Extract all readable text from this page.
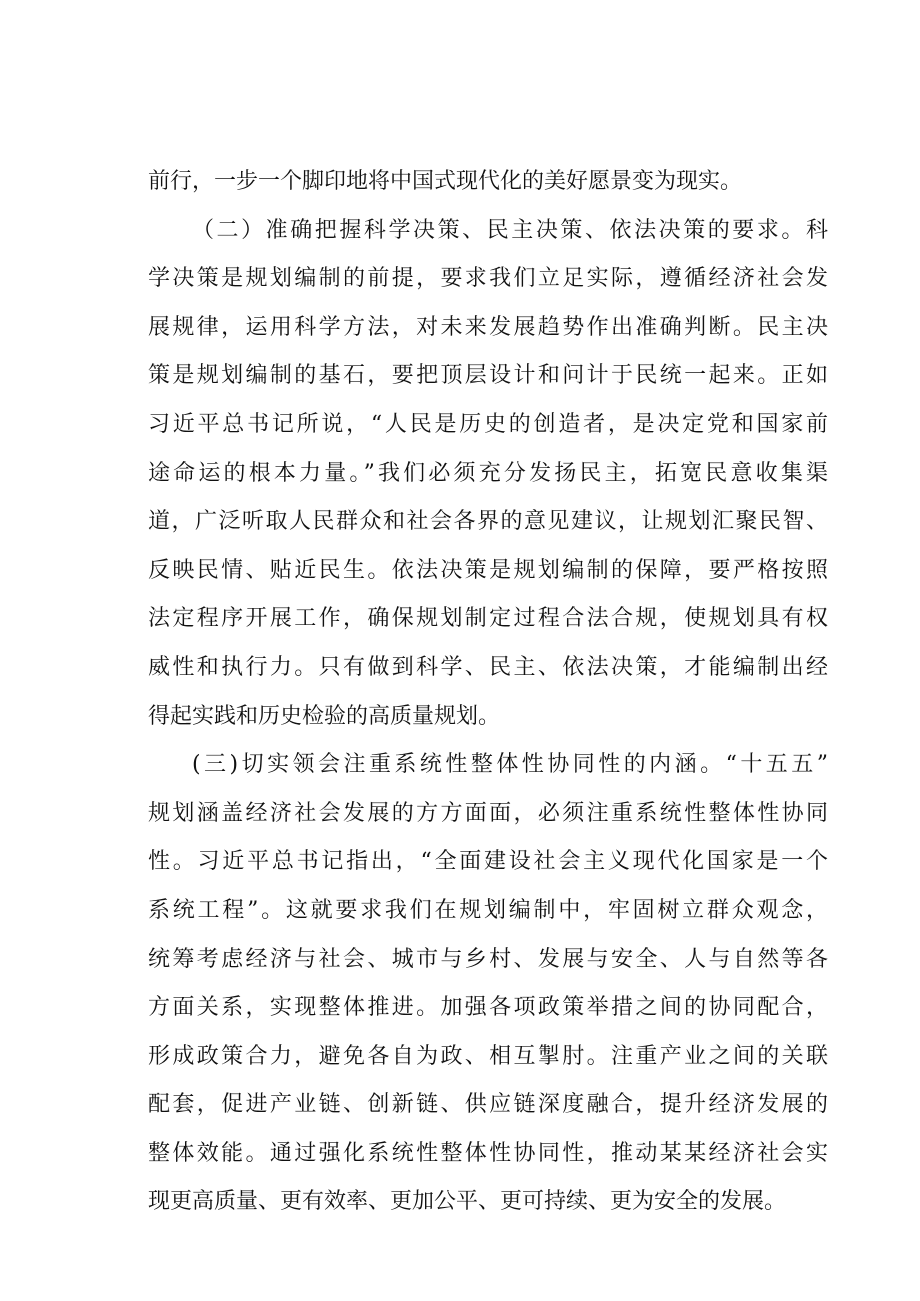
前行，一步一个脚印地将中国式现代化的美好愿景变为现实。
（二）准确把握科学决策、民主决策、依法决策的要求。科
学决策是规划编制的前提，要求我们立足实际，遵循经济社会发
展规律，运用科学方法，对未来发展趋势作出准确判断。民主决
策是规划编制的基石，要把顶层设计和问计于民统一起来。正如
习近平总书记所说，“人民是历史的创造者，是决定党和国家前
途命运的根本力量。”我们必须充分发扬民主，拓宽民意收集渠
道，广泛听取人民群众和社会各界的意见建议，让规划汇聚民智、
反映民情、贴近民生。依法决策是规划编制的保障，要严格按照
法定程序开展工作，确保规划制定过程合法合规，使规划具有权
威性和执行力。只有做到科学、民主、依法决策，才能编制出经
得起实践和历史检验的高质量规划。
(三)切实领会注重系统性整体性协同性的内涵。“十五五”
规划涵盖经济社会发展的方方面面，必须注重系统性整体性协同
性。习近平总书记指出，“全面建设社会主义现代化国家是一个
系统工程”。这就要求我们在规划编制中，牢固树立群众观念，
统筹考虑经济与社会、城市与乡村、发展与安全、人与自然等各
方面关系，实现整体推进。加强各项政策举措之间的协同配合，
形成政策合力，避免各自为政、相互掣肘。注重产业之间的关联
配套，促进产业链、创新链、供应链深度融合，提升经济发展的
整体效能。通过强化系统性整体性协同性，推动某某经济社会实
现更高质量、更有效率、更加公平、更可持续、更为安全的发展。
